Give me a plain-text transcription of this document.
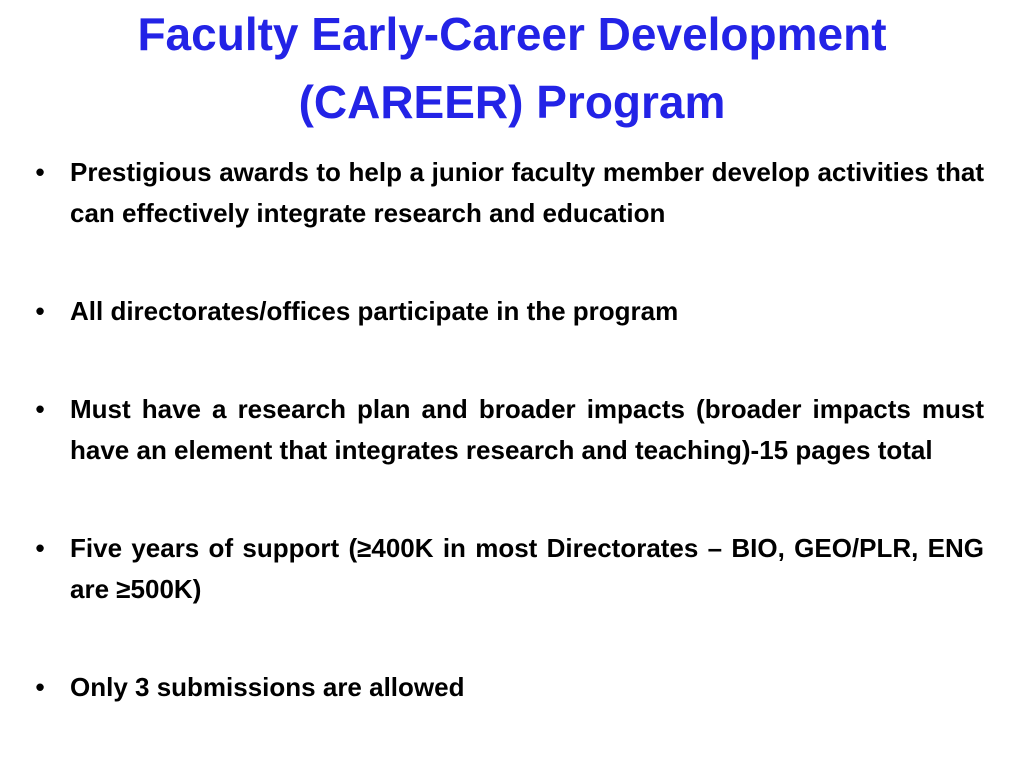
Faculty Early-Career Development
(CAREER) Program
• Prestigious awards to help a junior faculty member develop activities that can effectively integrate research and education
• All directorates/offices participate in the program
• Must have a research plan and broader impacts (broader impacts must have an element that integrates research and teaching)-15 pages total
• Five years of support (≥400K in most Directorates – BIO, GEO/PLR, ENG are ≥500K)
• Only 3 submissions are allowed
